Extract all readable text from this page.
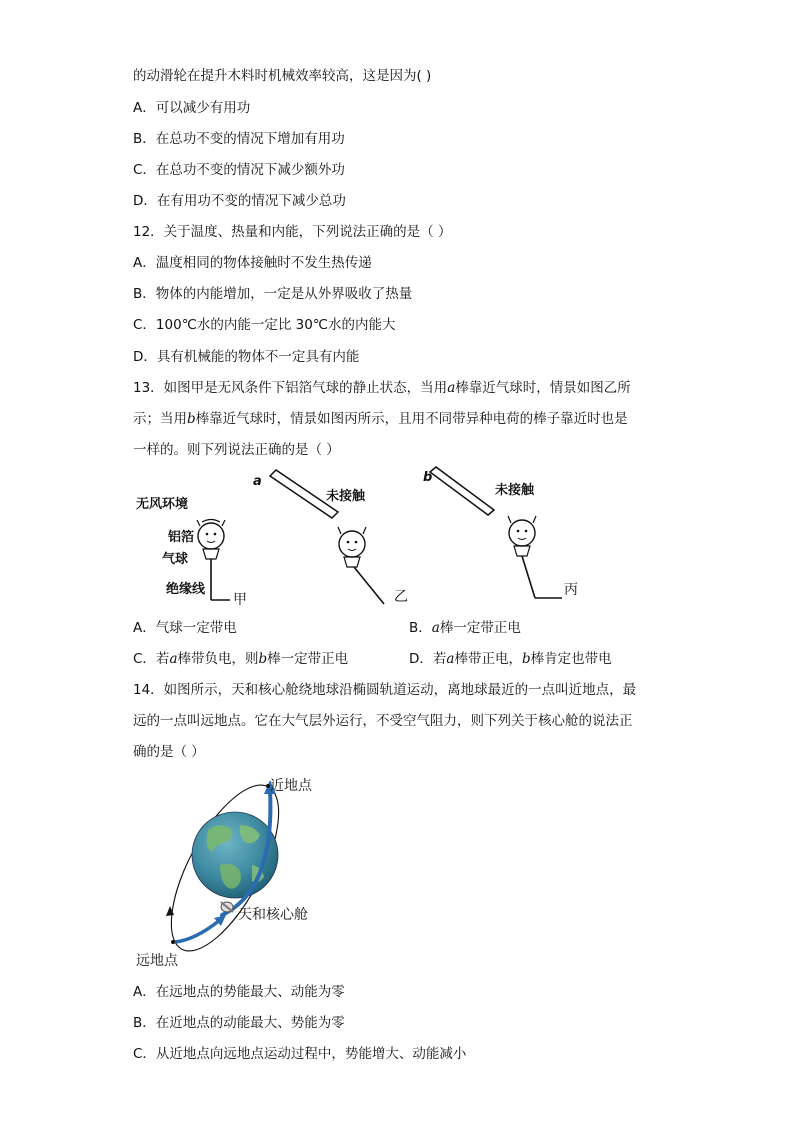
的动滑轮在提升木料时机械效率较高，这是因为( )
A．可以减少有用功
B．在总功不变的情况下增加有用功
C．在总功不变的情况下减少额外功
D．在有用功不变的情况下减少总功
12．关于温度、热量和内能，下列说法正确的是（ ）
A．温度相同的物体接触时不发生热传递
B．物体的内能增加，一定是从外界吸收了热量
C．100℃水的内能一定比 30℃水的内能大
D．具有机械能的物体不一定具有内能
13．如图甲是无风条件下铝箔气球的静止状态，当用a棒靠近气球时，情景如图乙所
示；当用b棒靠近气球时，情景如图丙所示，且用不同带异种电荷的棒子靠近时也是
一样的。则下列说法正确的是（ ）
无风环境
铝箔
气球
绝缘线
甲
a
未接触
乙
b
未接触
丙
A．气球一定带电	B．a棒一定带正电
C．若a棒带负电，则b棒一定带正电	D．若a棒带正电，b棒肯定也带电
14．如图所示，天和核心舱绕地球沿椭圆轨道运动，离地球最近的一点叫近地点，最
远的一点叫远地点。它在大气层外运行，不受空气阻力，则下列关于核心舱的说法正
确的是（ ）
近地点
天和核心舱
远地点
A．在远地点的势能最大、动能为零
B．在近地点的动能最大、势能为零
C．从近地点向远地点运动过程中，势能增大、动能减小
